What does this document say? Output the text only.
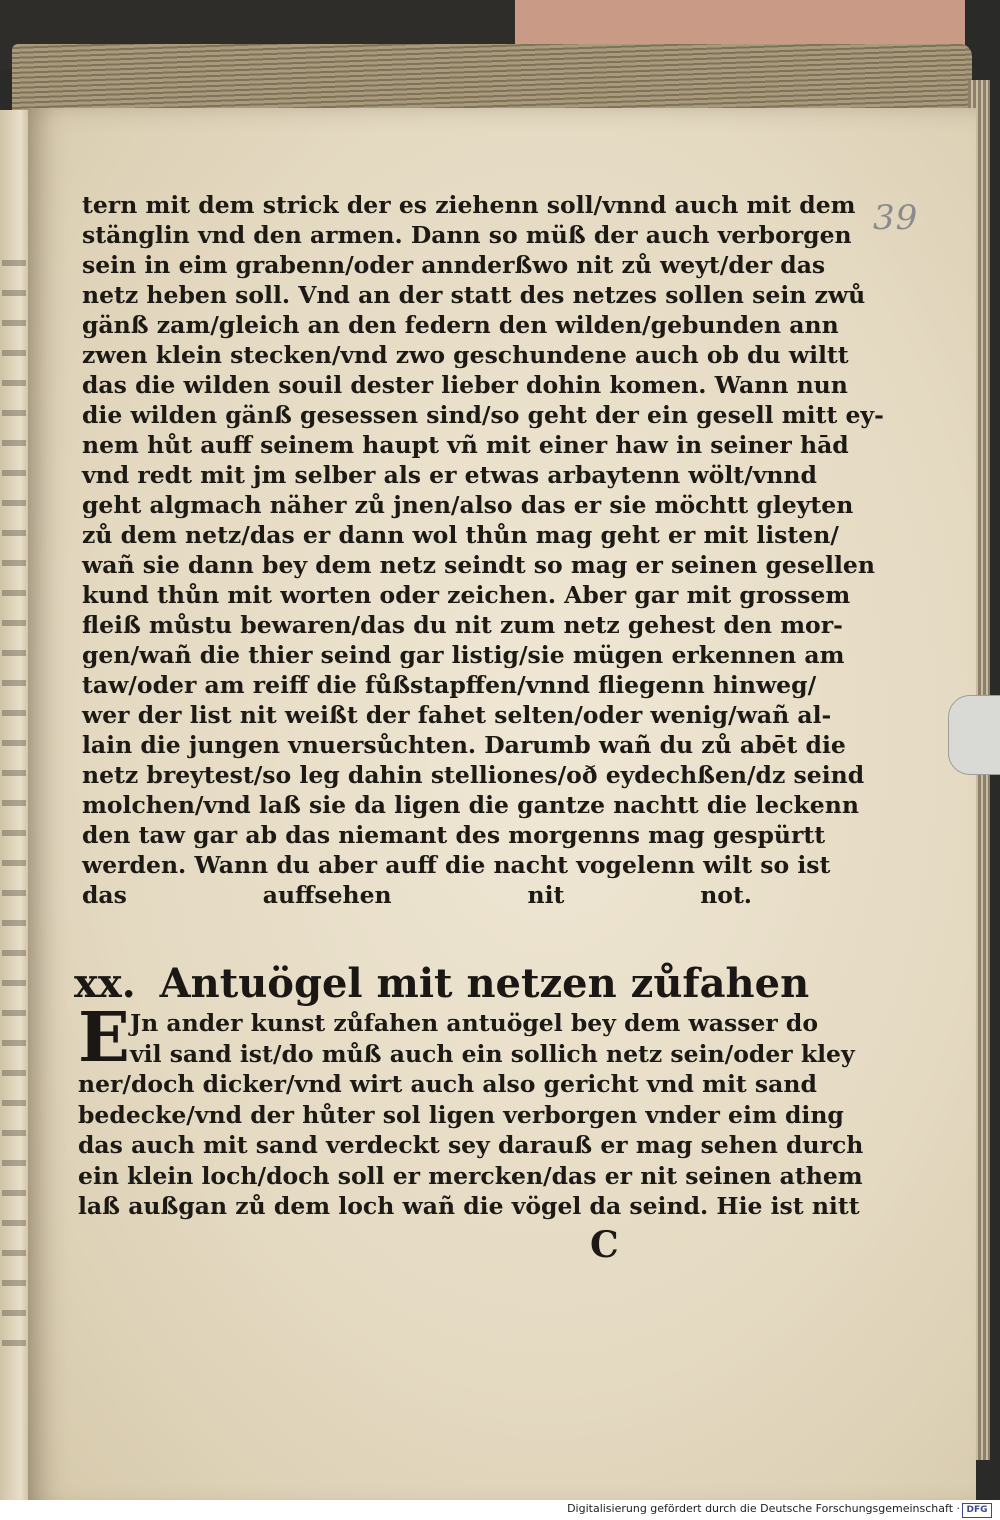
39
tern mit dem strick der es ziehenn soll/vnnd auch mit dem
stänglin vnd den armen. Dann so müß der auch verborgen
sein in eim grabenn/oder annderßwo nit zů weyt/der das
netz heben soll. Vnd an der statt des netzes sollen sein zwů
gänß zam/gleich an den federn den wilden/gebunden ann
zwen klein stecken/vnd zwo geschundene auch ob du wiltt
das die wilden souil dester lieber dohin komen. Wann nun
die wilden gänß gesessen sind/so geht der ein gesell mitt ey-
nem hůt auff seinem haupt vñ mit einer haw in seiner hād
vnd redt mit jm selber als er etwas arbaytenn wölt/vnnd
geht algmach näher zů jnen/also das er sie möchtt gleyten
zů dem netz/das er dann wol thůn mag geht er mit listen/
wañ sie dann bey dem netz seindt so mag er seinen gesellen
kund thůn mit worten oder zeichen. Aber gar mit grossem
fleiß můstu bewaren/das du nit zum netz gehest den mor-
gen/wañ die thier seind gar listig/sie mügen erkennen am
taw/oder am reiff die fůßstapffen/vnnd fliegenn hinweg/
wer der list nit weißt der fahet selten/oder wenig/wañ al-
lain die jungen vnuersůchten. Darumb wañ du zů abēt die
netz breytest/so leg dahin stelliones/oð eydechßen/dz seind
molchen/vnd laß sie da ligen die gantze nachtt die leckenn
den taw gar ab das niemant des morgenns mag gespürtt
werden. Wann du aber auff die nacht vogelenn wilt so ist
das auffsehen nit not.
xx. Antuögel mit netzen zůfahen
E Jn ander kunst zůfahen antuögel bey dem wasser do
vil sand ist/do můß auch ein sollich netz sein/oder kley
ner/doch dicker/vnd wirt auch also gericht vnd mit sand
bedecke/vnd der hůter sol ligen verborgen vnder eim ding
das auch mit sand verdeckt sey darauß er mag sehen durch
ein klein loch/doch soll er mercken/das er nit seinen athem
laß außgan zů dem loch wañ die vögel da seind. Hie ist nitt
C
Digitalisierung gefördert durch die Deutsche Forschungsgemeinschaft · DFG
